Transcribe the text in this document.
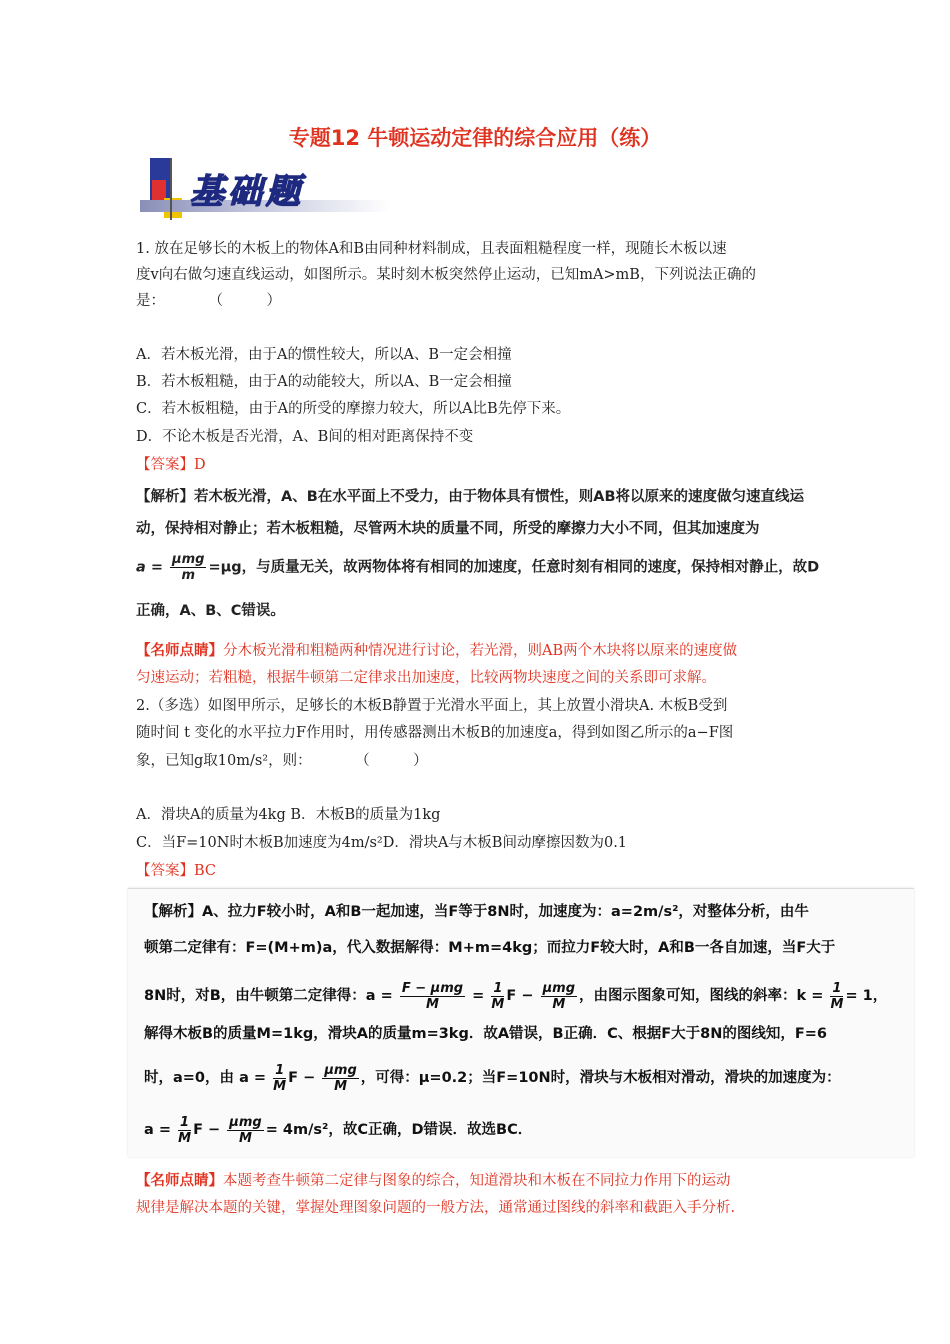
专题12 牛顿运动定律的综合应用（练）
基础题
1. 放在足够长的木板上的物体A和B由同种材料制成，且表面粗糙程度一样，现随长木板以速
度v向右做匀速直线运动，如图所示。某时刻木板突然停止运动，已知mA>mB，下列说法正确的
是：　　　　（　　　）
A．若木板光滑，由于A的惯性较大，所以A、B一定会相撞
B．若木板粗糙，由于A的动能较大，所以A、B一定会相撞
C．若木板粗糙，由于A的所受的摩擦力较大，所以A比B先停下来。
D．不论木板是否光滑，A、B间的相对距离保持不变
【答案】D
【解析】若木板光滑，A、B在水平面上不受力，由于物体具有惯性，则AB将以原来的速度做匀速直线运
动，保持相对静止；若木板粗糙，尽管两木块的质量不同，所受的摩擦力大小不同，但其加速度为
$a = \frac{\text{μmg}}{m} =\mu g$，与质量无关，故两物体将有相同的加速度，任意时刻有相同的速度，保持相对静止，故D
正确，A、B、C错误。
【名师点睛】分木板光滑和粗糙两种情况进行讨论，若光滑，则AB两个木块将以原来的速度做
匀速运动；若粗糙，根据牛顿第二定律求出加速度，比较两物块速度之间的关系即可求解。
2.（多选）如图甲所示，足够长的木板B静置于光滑水平面上，其上放置小滑块A. 木板B受到
随时间 t 变化的水平拉力F作用时，用传感器测出木板B的加速度a，得到如图乙所示的a−F图
象，已知g取10m/s²，则：　　　　（　　　）
A．滑块A的质量为4kg B．木板B的质量为1kg
C．当F=10N时木板B加速度为4m/s²D．滑块A与木板B间动摩擦因数为0.1
【答案】BC
【解析】A、拉力F较小时，A和B一起加速，当F等于8N时，加速度为：a=2m/s²，对整体分析，由牛
顿第二定律有：F=(M+m)a，代入数据解得：M+m=4kg；而拉力F较大时，A和B一各自加速，当F大于
8N时，对B，由牛顿第二定律得：$a = \frac{\text{F − μmg}}{M} = \frac{1}{M}$ $F - \frac{\text{μmg}}{M}$ ，由图示图象可知，图线的斜率：$k = \frac{1}{M} = 1$，
解得木板B的质量M=1kg，滑块A的质量m=3kg．故A错误，B正确．C、根据F大于8N的图线知，F=6
时，a=0，由 $a = \frac{1}{M}$ $F - \frac{\text{μmg}}{M}$ ，可得：μ=0.2；当F=10N时，滑块与木板相对滑动，滑块的加速度为：
$a = \frac{1}{M}$ $F - \frac{\text{μmg}}{M} = 4m/s^2$，故C正确，D错误．故选BC．
【名师点睛】本题考查牛顿第二定律与图象的综合，知道滑块和木板在不同拉力作用下的运动
规律是解决本题的关键，掌握处理图象问题的一般方法，通常通过图线的斜率和截距入手分析.
